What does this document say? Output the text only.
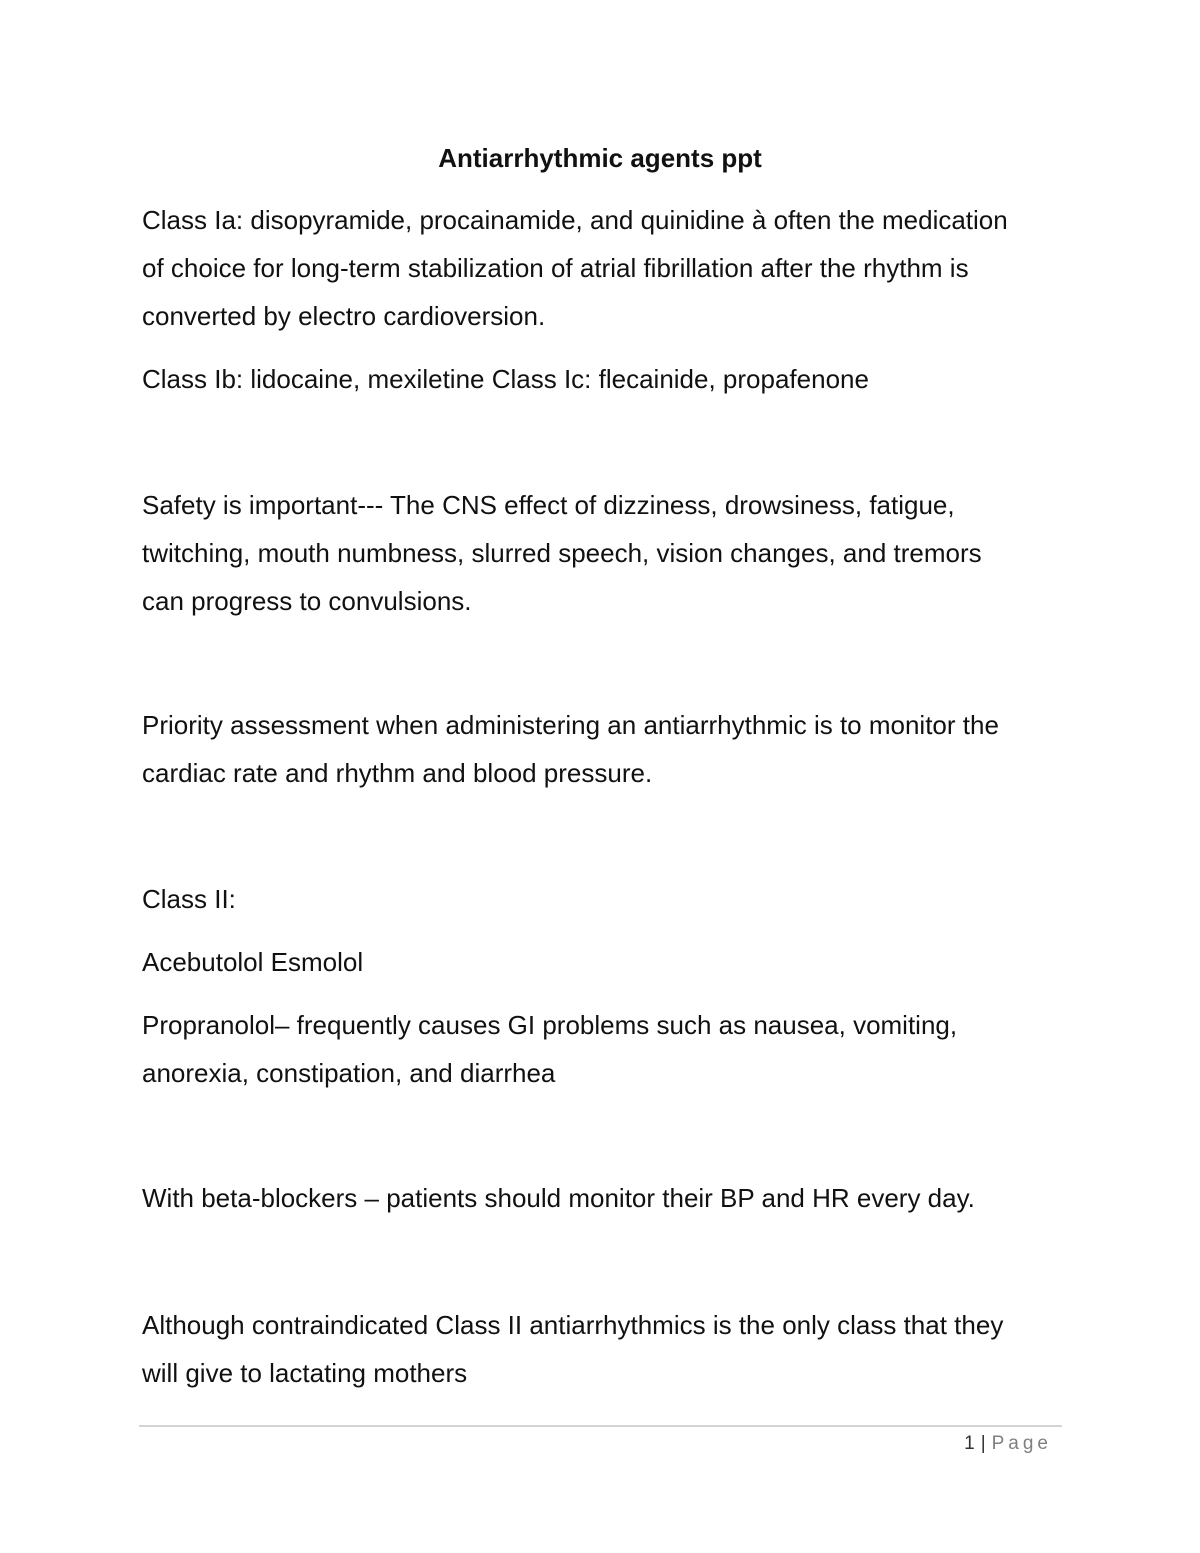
Antiarrhythmic agents ppt

Class Ia: disopyramide, procainamide, and quinidine à often the medication
of choice for long-term stabilization of atrial fibrillation after the rhythm is
converted by electro cardioversion.

Class Ib: lidocaine, mexiletine Class Ic: flecainide, propafenone

Safety is important--- The CNS effect of dizziness, drowsiness, fatigue,
twitching, mouth numbness, slurred speech, vision changes, and tremors
can progress to convulsions.

Priority assessment when administering an antiarrhythmic is to monitor the
cardiac rate and rhythm and blood pressure.

Class II:

Acebutolol Esmolol

Propranolol– frequently causes GI problems such as nausea, vomiting,
anorexia, constipation, and diarrhea

With beta-blockers – patients should monitor their BP and HR every day.

Although contraindicated Class II antiarrhythmics is the only class that they
will give to lactating mothers

1 | Page
